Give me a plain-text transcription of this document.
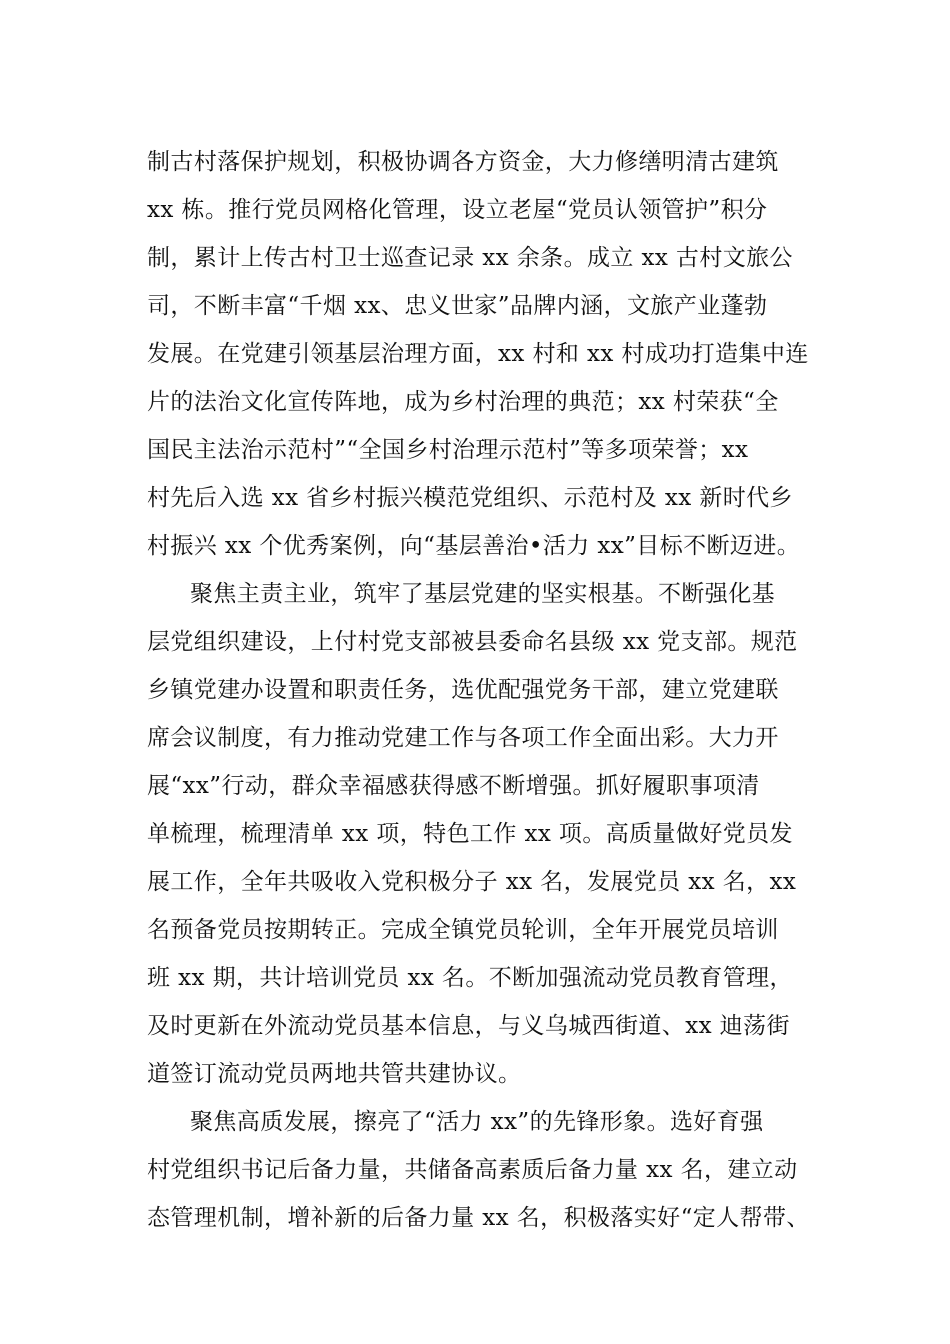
制古村落保护规划，积极协调各方资金，大力修缮明清古建筑
xx 栋。推行党员网格化管理，设立老屋“党员认领管护”积分
制，累计上传古村卫士巡查记录 xx 余条。成立 xx 古村文旅公
司，不断丰富“千烟 xx、忠义世家”品牌内涵，文旅产业蓬勃
发展。在党建引领基层治理方面，xx 村和 xx 村成功打造集中连
片的法治文化宣传阵地，成为乡村治理的典范；xx 村荣获“全
国民主法治示范村”“全国乡村治理示范村”等多项荣誉；xx
村先后入选 xx 省乡村振兴模范党组织、示范村及 xx 新时代乡
村振兴 xx 个优秀案例，向“基层善治•活力 xx”目标不断迈进。
聚焦主责主业，筑牢了基层党建的坚实根基。不断强化基
层党组织建设，上付村党支部被县委命名县级 xx 党支部。规范
乡镇党建办设置和职责任务，选优配强党务干部，建立党建联
席会议制度，有力推动党建工作与各项工作全面出彩。大力开
展“xx”行动，群众幸福感获得感不断增强。抓好履职事项清
单梳理，梳理清单 xx 项，特色工作 xx 项。高质量做好党员发
展工作，全年共吸收入党积极分子 xx 名，发展党员 xx 名，xx
名预备党员按期转正。完成全镇党员轮训，全年开展党员培训
班 xx 期，共计培训党员 xx 名。不断加强流动党员教育管理，
及时更新在外流动党员基本信息，与义乌城西街道、xx 迪荡街
道签订流动党员两地共管共建协议。
聚焦高质发展，擦亮了“活力 xx”的先锋形象。选好育强
村党组织书记后备力量，共储备高素质后备力量 xx 名，建立动
态管理机制，增补新的后备力量 xx 名，积极落实好“定人帮带、
